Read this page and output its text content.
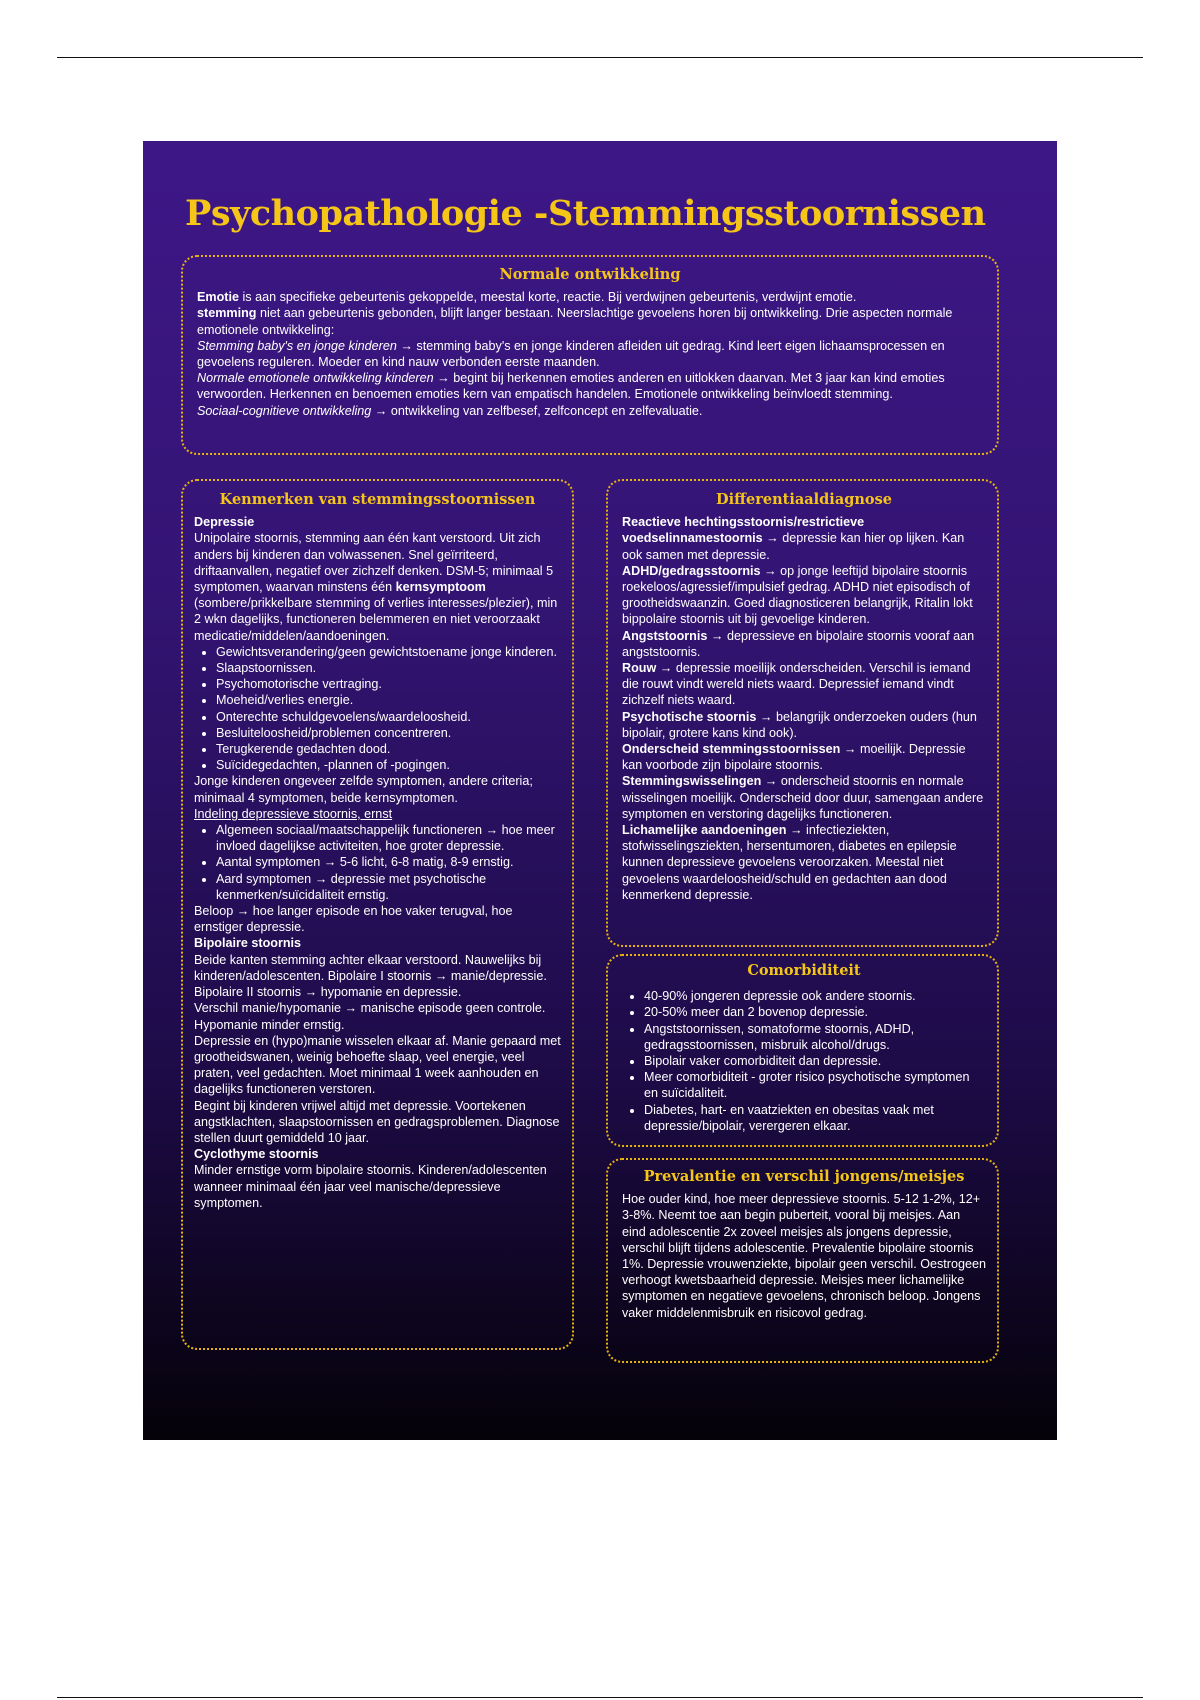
Psychopathologie -Stemmingsstoornissen
Normale ontwikkeling

Emotie is aan specifieke gebeurtenis gekoppelde, meestal korte, reactie. Bij verdwijnen gebeurtenis, verdwijnt emotie.

stemming niet aan gebeurtenis gebonden, blijft langer bestaan. Neerslachtige gevoelens horen bij ontwikkeling. Drie aspecten normale emotionele ontwikkeling:

Stemming baby's en jonge kinderen → stemming baby's en jonge kinderen afleiden uit gedrag. Kind leert eigen lichaamsprocessen en gevoelens reguleren. Moeder en kind nauw verbonden eerste maanden.

Normale emotionele ontwikkeling kinderen → begint bij herkennen emoties anderen en uitlokken daarvan. Met 3 jaar kan kind emoties verwoorden. Herkennen en benoemen emoties kern van empatisch handelen. Emotionele ontwikkeling beïnvloedt stemming.

Sociaal-cognitieve ontwikkeling → ontwikkeling van zelfbesef, zelfconcept en zelfevaluatie.

Kenmerken van stemmingsstoornissen

Depressie

Unipolaire stoornis, stemming aan één kant verstoord. Uit zich anders bij kinderen dan volwassenen. Snel geïrriteerd, driftaanvallen, negatief over zichzelf denken. DSM-5; minimaal 5 symptomen, waarvan minstens één kernsymptoom (sombere/prikkelbare stemming of verlies interesses/plezier), min 2 wkn dagelijks, functioneren belemmeren en niet veroorzaakt medicatie/middelen/aandoeningen.

• Gewichtsverandering/geen gewichtstoename jonge kinderen.
• Slaapstoornissen.
• Psychomotorische vertraging.
• Moeheid/verlies energie.
• Onterechte schuldgevoelens/waardeloosheid.
• Besluiteloosheid/problemen concentreren.
• Terugkerende gedachten dood.
• Suïcidegedachten, -plannen of -pogingen.

Jonge kinderen ongeveer zelfde symptomen, andere criteria; minimaal 4 symptomen, beide kernsymptomen.

Indeling depressieve stoornis, ernst

• Algemeen sociaal/maatschappelijk functioneren → hoe meer invloed dagelijkse activiteiten, hoe groter depressie.
• Aantal symptomen → 5-6 licht, 6-8 matig, 8-9 ernstig.
• Aard symptomen → depressie met psychotische kenmerken/suïcidaliteit ernstig.

Beloop → hoe langer episode en hoe vaker terugval, hoe ernstiger depressie.

Bipolaire stoornis

Beide kanten stemming achter elkaar verstoord. Nauwelijks bij kinderen/adolescenten. Bipolaire I stoornis → manie/depressie. Bipolaire II stoornis → hypomanie en depressie.

Verschil manie/hypomanie → manische episode geen controle. Hypomanie minder ernstig.

Depressie en (hypo)manie wisselen elkaar af. Manie gepaard met grootheidswanen, weinig behoefte slaap, veel energie, veel praten, veel gedachten. Moet minimaal 1 week aanhouden en dagelijks functioneren verstoren.

Begint bij kinderen vrijwel altijd met depressie. Voortekenen angstklachten, slaapstoornissen en gedragsproblemen. Diagnose stellen duurt gemiddeld 10 jaar.

Cyclothyme stoornis

Minder ernstige vorm bipolaire stoornis. Kinderen/adolescenten wanneer minimaal één jaar veel manische/depressieve symptomen.

Differentiaaldiagnose

Reactieve hechtingsstoornis/restrictieve voedselinnamestoornis → depressie kan hier op lijken. Kan ook samen met depressie.

ADHD/gedragsstoornis → op jonge leeftijd bipolaire stoornis roekeloos/agressief/impulsief gedrag. ADHD niet episodisch of grootheidswaanzin. Goed diagnosticeren belangrijk, Ritalin lokt bippolaire stoornis uit bij gevoelige kinderen.

Angststoornis → depressieve en bipolaire stoornis vooraf aan angststoornis.

Rouw → depressie moeilijk onderscheiden. Verschil is iemand die rouwt vindt wereld niets waard. Depressief iemand vindt zichzelf niets waard.

Psychotische stoornis → belangrijk onderzoeken ouders (hun bipolair, grotere kans kind ook).

Onderscheid stemmingsstoornissen → moeilijk. Depressie kan voorbode zijn bipolaire stoornis.

Stemmingswisselingen → onderscheid stoornis en normale wisselingen moeilijk. Onderscheid door duur, samengaan andere symptomen en verstoring dagelijks functioneren.

Lichamelijke aandoeningen → infectieziekten, stofwisselingsziekten, hersentumoren, diabetes en epilepsie kunnen depressieve gevoelens veroorzaken. Meestal niet gevoelens waardeloosheid/schuld en gedachten aan dood kenmerkend depressie.

Comorbiditeit
• 40-90% jongeren depressie ook andere stoornis.
• 20-50% meer dan 2 bovenop depressie.
• Angststoornissen, somatoforme stoornis, ADHD, gedragsstoornissen, misbruik alcohol/drugs.
• Bipolair vaker comorbiditeit dan depressie.
• Meer comorbiditeit - groter risico psychotische symptomen en suïcidaliteit.
• Diabetes, hart- en vaatziekten en obesitas vaak met depressie/bipolair, verergeren elkaar.
Prevalentie en verschil jongens/meisjes

Hoe ouder kind, hoe meer depressieve stoornis. 5-12 1-2%, 12+ 3-8%. Neemt toe aan begin puberteit, vooral bij meisjes. Aan eind adolescentie 2x zoveel meisjes als jongens depressie, verschil blijft tijdens adolescentie. Prevalentie bipolaire stoornis 1%. Depressie vrouwenziekte, bipolair geen verschil. Oestrogeen verhoogt kwetsbaarheid depressie. Meisjes meer lichamelijke symptomen en negatieve gevoelens, chronisch beloop. Jongens vaker middelenmisbruik en risicovol gedrag.
